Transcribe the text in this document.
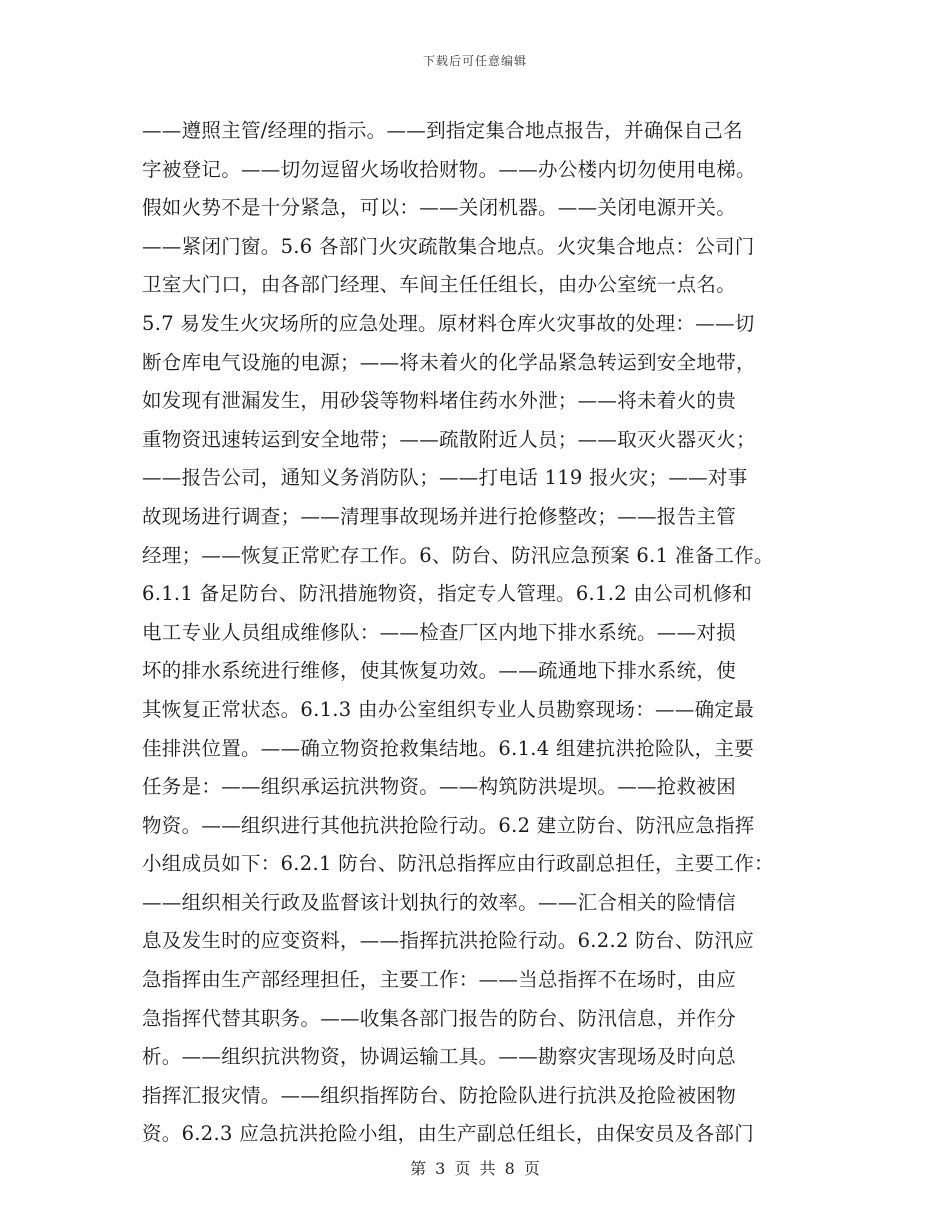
下载后可任意编辑
——遵照主管/经理的指示。——到指定集合地点报告，并确保自己名
字被登记。——切勿逗留火场收拾财物。——办公楼内切勿使用电梯。
假如火势不是十分紧急，可以：——关闭机器。——关闭电源开关。
——紧闭门窗。5.6 各部门火灾疏散集合地点。火灾集合地点：公司门
卫室大门口，由各部门经理、车间主任任组长，由办公室统一点名。
5.7 易发生火灾场所的应急处理。原材料仓库火灾事故的处理：——切
断仓库电气设施的电源；——将未着火的化学品紧急转运到安全地带，
如发现有泄漏发生，用砂袋等物料堵住药水外泄；——将未着火的贵
重物资迅速转运到安全地带；——疏散附近人员；——取灭火器灭火；
——报告公司，通知义务消防队；——打电话 119 报火灾；——对事
故现场进行调查；——清理事故现场并进行抢修整改；——报告主管
经理；——恢复正常贮存工作。6、防台、防汛应急预案 6.1 准备工作。
6.1.1 备足防台、防汛措施物资，指定专人管理。6.1.2 由公司机修和
电工专业人员组成维修队：——检查厂区内地下排水系统。——对损
坏的排水系统进行维修，使其恢复功效。——疏通地下排水系统，使
其恢复正常状态。6.1.3 由办公室组织专业人员勘察现场：——确定最
佳排洪位置。——确立物资抢救集结地。6.1.4 组建抗洪抢险队，主要
任务是：——组织承运抗洪物资。——构筑防洪堤坝。——抢救被困
物资。——组织进行其他抗洪抢险行动。6.2 建立防台、防汛应急指挥
小组成员如下：6.2.1 防台、防汛总指挥应由行政副总担任，主要工作：
——组织相关行政及监督该计划执行的效率。——汇合相关的险情信
息及发生时的应变资料，——指挥抗洪抢险行动。6.2.2 防台、防汛应
急指挥由生产部经理担任，主要工作：——当总指挥不在场时，由应
急指挥代替其职务。——收集各部门报告的防台、防汛信息，并作分
析。——组织抗洪物资，协调运输工具。——勘察灾害现场及时向总
指挥汇报灾情。——组织指挥防台、防抢险队进行抗洪及抢险被困物
资。6.2.3 应急抗洪抢险小组，由生产副总任组长，由保安员及各部门
第 3 页 共 8 页
